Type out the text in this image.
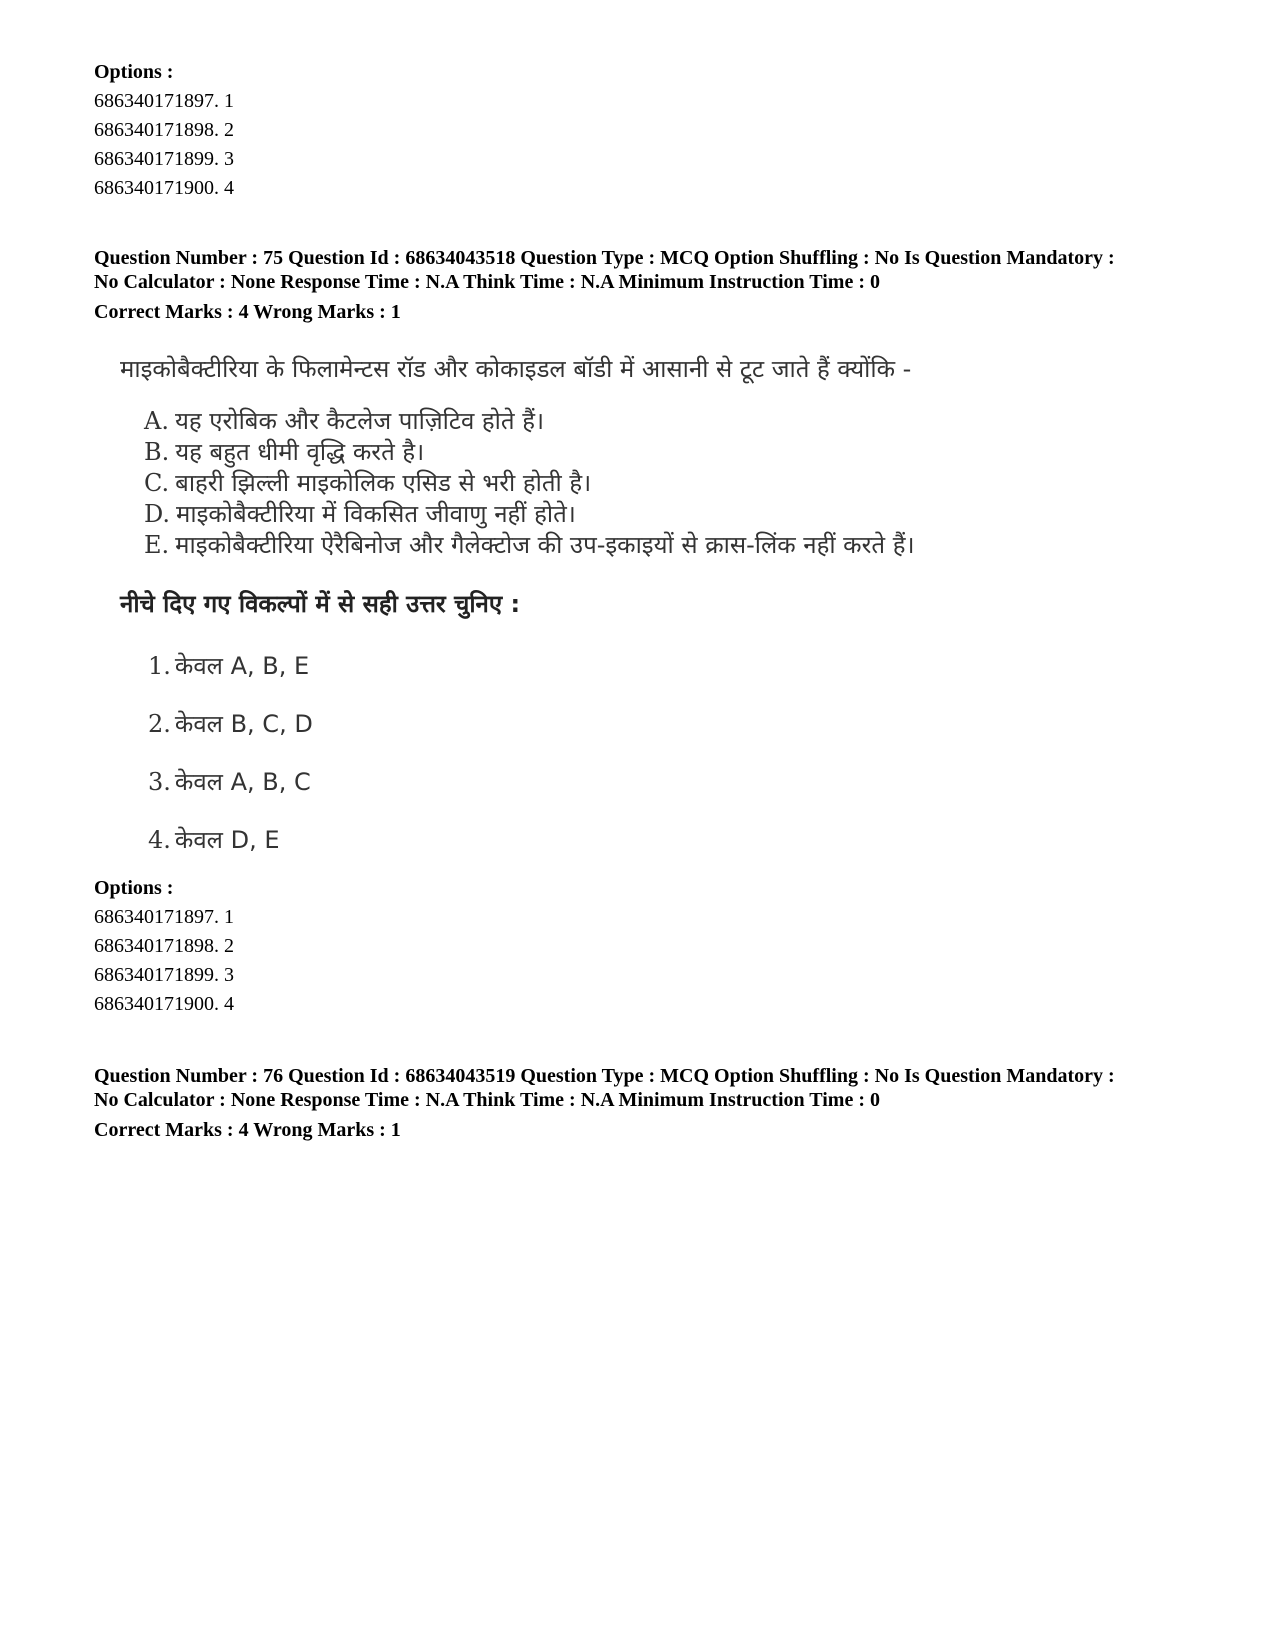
Options :
686340171897. 1
686340171898. 2
686340171899. 3
686340171900. 4
Question Number : 75 Question Id : 68634043518 Question Type : MCQ Option Shuffling : No Is Question Mandatory :
No Calculator : None Response Time : N.A Think Time : N.A Minimum Instruction Time : 0
Correct Marks : 4 Wrong Marks : 1
माइकोबैक्टीरिया के फिलामेन्टस रॉड और कोकाइडल बॉडी में आसानी से टूट जाते हैं क्योंकि -
A. यह एरोबिक और कैटलेज पाज़िटिव होते हैं।
B. यह बहुत धीमी वृद्धि करते है।
C. बाहरी झिल्ली माइकोलिक एसिड से भरी होती है।
D. माइकोबैक्टीरिया में विकसित जीवाणु नहीं होते।
E. माइकोबैक्टीरिया ऐरैबिनोज और गैलेक्टोज की उप-इकाइयों से क्रास-लिंक नहीं करते हैं।
नीचे दिए गए विकल्पों में से सही उत्तर चुनिए :
1. केवल A, B, E
2. केवल B, C, D
3. केवल A, B, C
4. केवल D, E
Options :
686340171897. 1
686340171898. 2
686340171899. 3
686340171900. 4
Question Number : 76 Question Id : 68634043519 Question Type : MCQ Option Shuffling : No Is Question Mandatory :
No Calculator : None Response Time : N.A Think Time : N.A Minimum Instruction Time : 0
Correct Marks : 4 Wrong Marks : 1
